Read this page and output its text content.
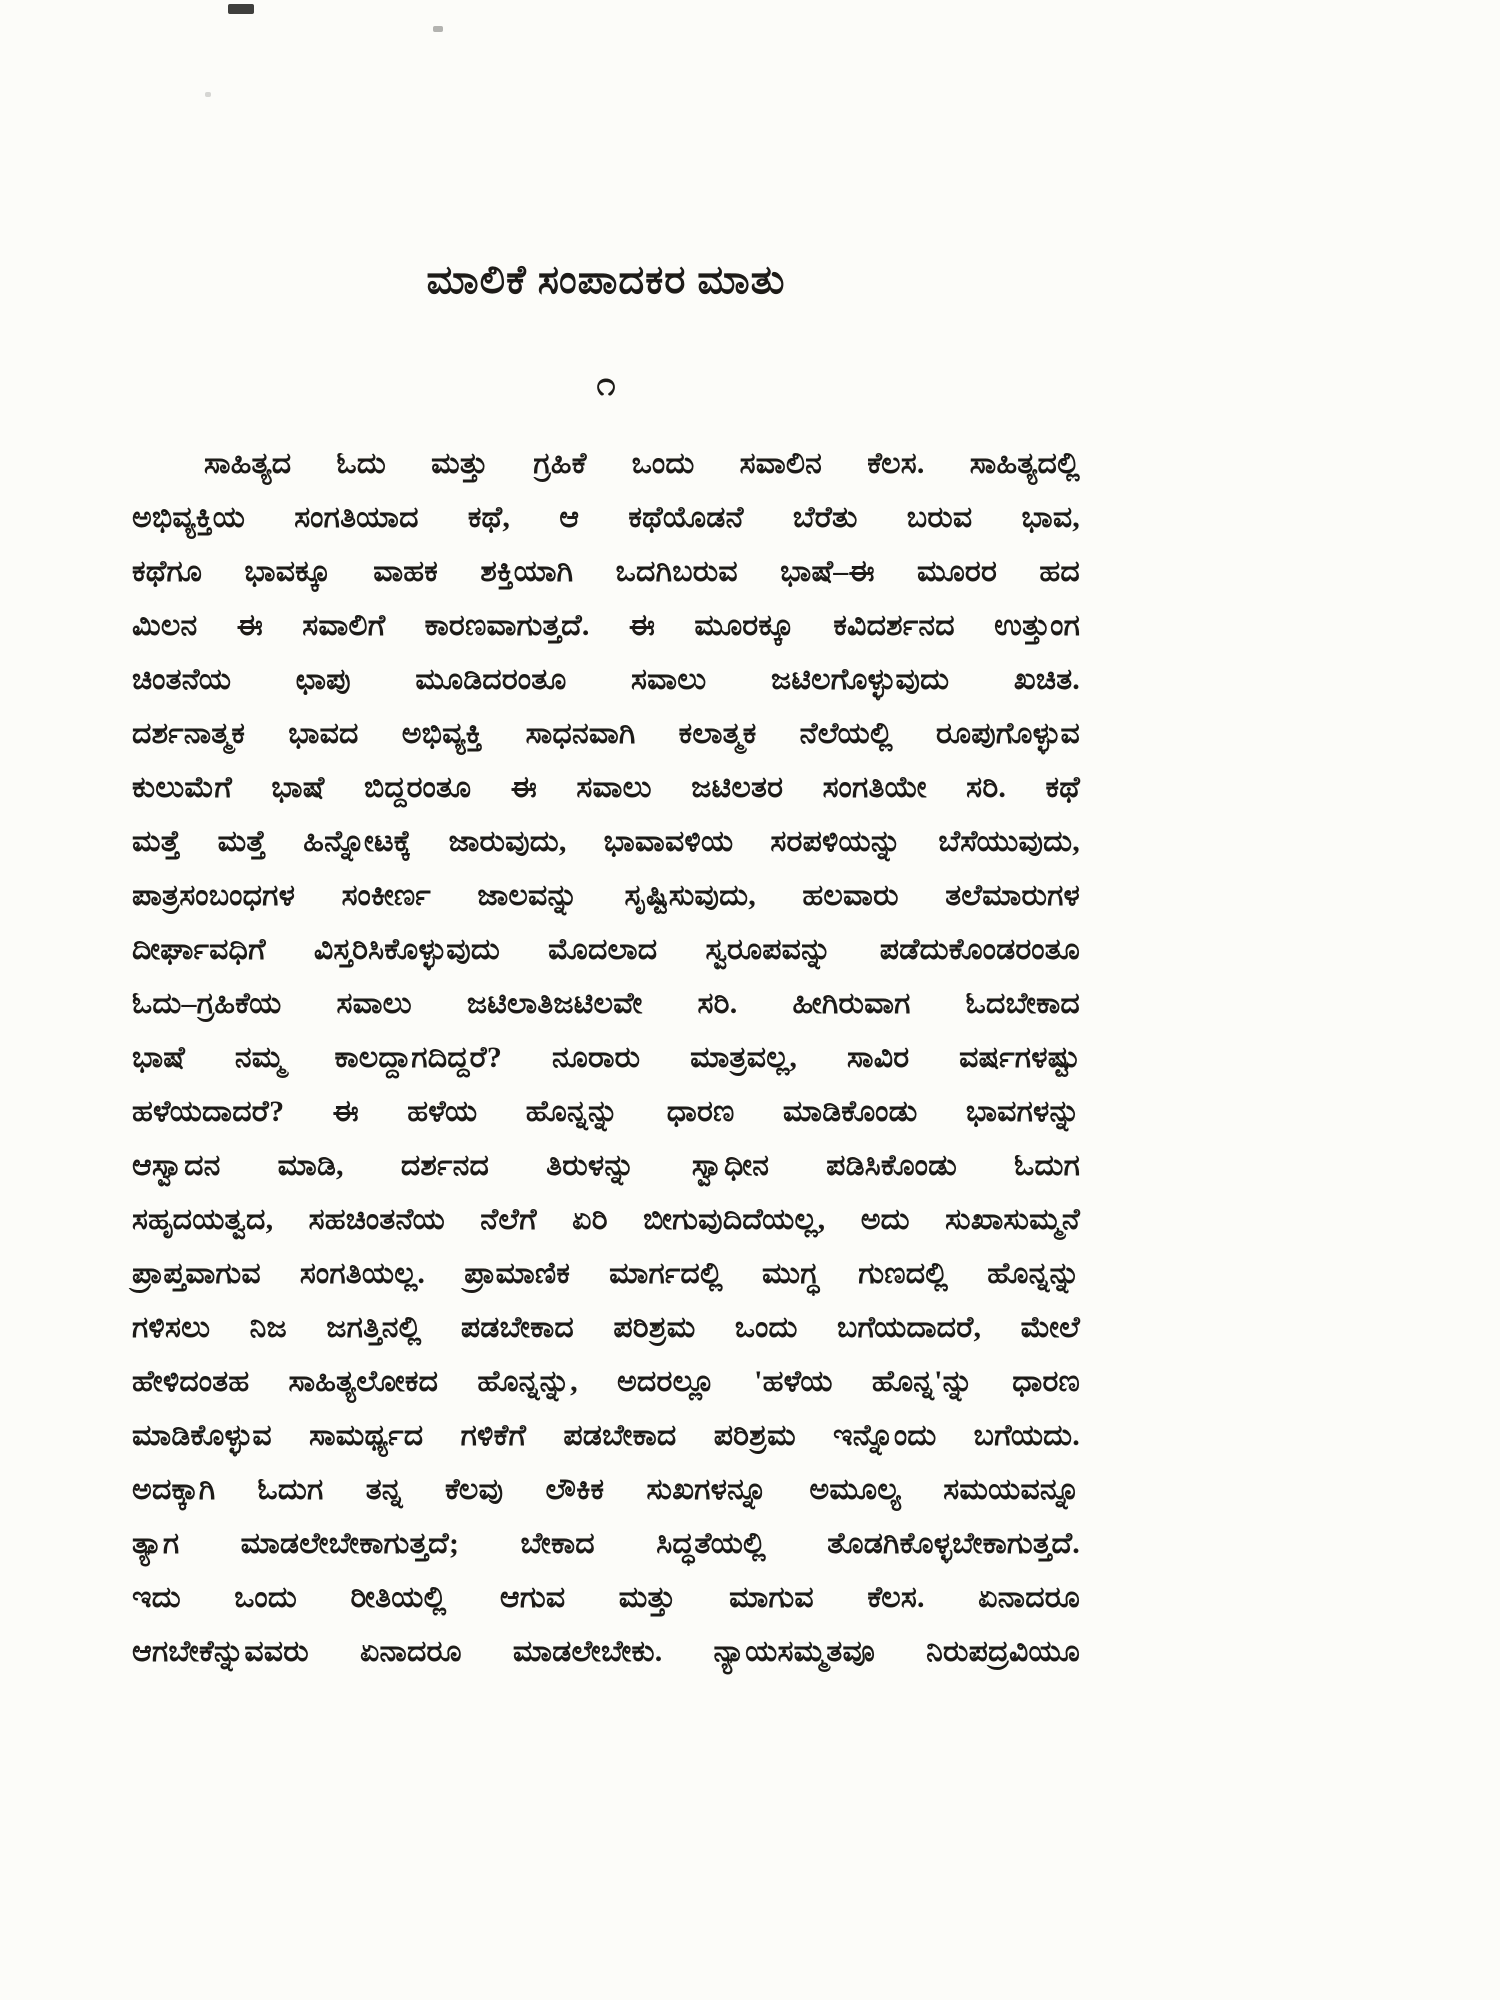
ಮಾಲಿಕೆ ಸಂಪಾದಕರ ಮಾತು
೧
ಸಾಹಿತ್ಯದ ಓದು ಮತ್ತು ಗ್ರಹಿಕೆ ಒಂದು ಸವಾಲಿನ ಕೆಲಸ. ಸಾಹಿತ್ಯದಲ್ಲಿ
ಅಭಿವ್ಯಕ್ತಿಯ ಸಂಗತಿಯಾದ ಕಥೆ, ಆ ಕಥೆಯೊಡನೆ ಬೆರೆತು ಬರುವ ಭಾವ,
ಕಥೆಗೂ ಭಾವಕ್ಕೂ ವಾಹಕ ಶಕ್ತಿಯಾಗಿ ಒದಗಿಬರುವ ಭಾಷೆ–ಈ ಮೂರರ ಹದ
ಮಿಲನ ಈ ಸವಾಲಿಗೆ ಕಾರಣವಾಗುತ್ತದೆ. ಈ ಮೂರಕ್ಕೂ ಕವಿದರ್ಶನದ ಉತ್ತುಂಗ
ಚಿಂತನೆಯ ಛಾಪು ಮೂಡಿದರಂತೂ ಸವಾಲು ಜಟಿಲಗೊಳ್ಳುವುದು ಖಚಿತ.
ದರ್ಶನಾತ್ಮಕ ಭಾವದ ಅಭಿವ್ಯಕ್ತಿ ಸಾಧನವಾಗಿ ಕಲಾತ್ಮಕ ನೆಲೆಯಲ್ಲಿ ರೂಪುಗೊಳ್ಳುವ
ಕುಲುಮೆಗೆ ಭಾಷೆ ಬಿದ್ದರಂತೂ ಈ ಸವಾಲು ಜಟಿಲತರ ಸಂಗತಿಯೇ ಸರಿ. ಕಥೆ
ಮತ್ತೆ ಮತ್ತೆ ಹಿನ್ನೋಟಕ್ಕೆ ಜಾರುವುದು, ಭಾವಾವಳಿಯ ಸರಪಳಿಯನ್ನು ಬೆಸೆಯುವುದು,
ಪಾತ್ರಸಂಬಂಧಗಳ ಸಂಕೀರ್ಣ ಜಾಲವನ್ನು ಸೃಷ್ಟಿಸುವುದು, ಹಲವಾರು ತಲೆಮಾರುಗಳ
ದೀರ್ಘಾವಧಿಗೆ ವಿಸ್ತರಿಸಿಕೊಳ್ಳುವುದು ಮೊದಲಾದ ಸ್ವರೂಪವನ್ನು ಪಡೆದುಕೊಂಡರಂತೂ
ಓದು–ಗ್ರಹಿಕೆಯ ಸವಾಲು ಜಟಿಲಾತಿಜಟಿಲವೇ ಸರಿ. ಹೀಗಿರುವಾಗ ಓದಬೇಕಾದ
ಭಾಷೆ ನಮ್ಮ ಕಾಲದ್ದಾಗದಿದ್ದರೆ? ನೂರಾರು ಮಾತ್ರವಲ್ಲ, ಸಾವಿರ ವರ್ಷಗಳಷ್ಟು
ಹಳೆಯದಾದರೆ? ಈ ಹಳೆಯ ಹೊನ್ನನ್ನು ಧಾರಣ ಮಾಡಿಕೊಂಡು ಭಾವಗಳನ್ನು
ಆಸ್ವಾದನ ಮಾಡಿ, ದರ್ಶನದ ತಿರುಳನ್ನು ಸ್ವಾಧೀನ ಪಡಿಸಿಕೊಂಡು ಓದುಗ
ಸಹೃದಯತ್ವದ, ಸಹಚಿಂತನೆಯ ನೆಲೆಗೆ ಏರಿ ಬೀಗುವುದಿದೆಯಲ್ಲ, ಅದು ಸುಖಾಸುಮ್ಮನೆ
ಪ್ರಾಪ್ತವಾಗುವ ಸಂಗತಿಯಲ್ಲ. ಪ್ರಾಮಾಣಿಕ ಮಾರ್ಗದಲ್ಲಿ ಮುಗ್ಧ ಗುಣದಲ್ಲಿ ಹೊನ್ನನ್ನು
ಗಳಿಸಲು ನಿಜ ಜಗತ್ತಿನಲ್ಲಿ ಪಡಬೇಕಾದ ಪರಿಶ್ರಮ ಒಂದು ಬಗೆಯದಾದರೆ, ಮೇಲೆ
ಹೇಳಿದಂತಹ ಸಾಹಿತ್ಯಲೋಕದ ಹೊನ್ನನ್ನು, ಅದರಲ್ಲೂ 'ಹಳೆಯ ಹೊನ್ನ'ನ್ನು ಧಾರಣ
ಮಾಡಿಕೊಳ್ಳುವ ಸಾಮರ್ಥ್ಯದ ಗಳಿಕೆಗೆ ಪಡಬೇಕಾದ ಪರಿಶ್ರಮ ಇನ್ನೊಂದು ಬಗೆಯದು.
ಅದಕ್ಕಾಗಿ ಓದುಗ ತನ್ನ ಕೆಲವು ಲೌಕಿಕ ಸುಖಗಳನ್ನೂ ಅಮೂಲ್ಯ ಸಮಯವನ್ನೂ
ತ್ಯಾಗ ಮಾಡಲೇಬೇಕಾಗುತ್ತದೆ; ಬೇಕಾದ ಸಿದ್ಧತೆಯಲ್ಲಿ ತೊಡಗಿಕೊಳ್ಳಬೇಕಾಗುತ್ತದೆ.
ಇದು ಒಂದು ರೀತಿಯಲ್ಲಿ ಆಗುವ ಮತ್ತು ಮಾಗುವ ಕೆಲಸ. ಏನಾದರೂ
ಆಗಬೇಕೆನ್ನುವವರು ಏನಾದರೂ ಮಾಡಲೇಬೇಕು. ನ್ಯಾಯಸಮ್ಮತವೂ ನಿರುಪದ್ರವಿಯೂ
